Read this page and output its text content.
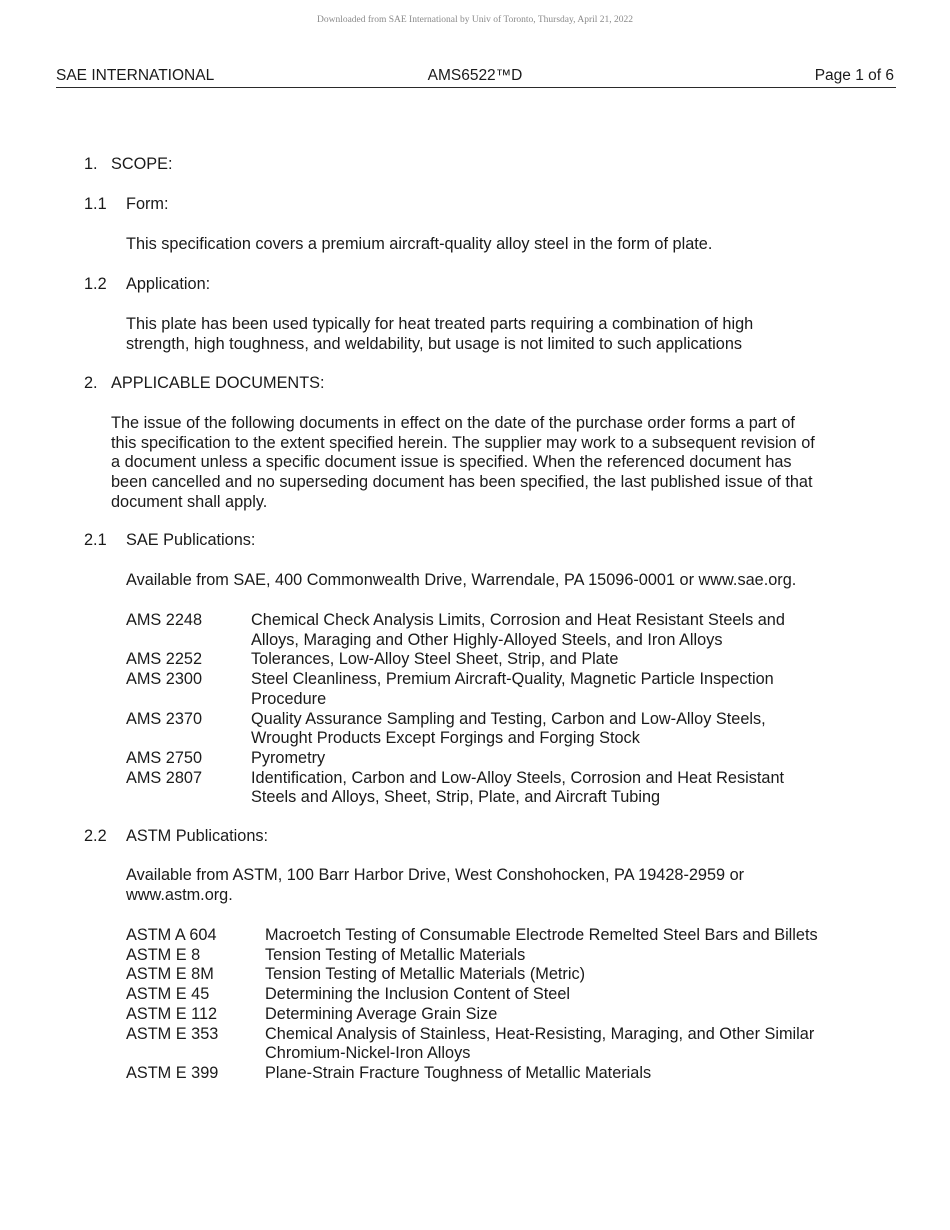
Downloaded from SAE International by Univ of Toronto, Thursday, April 21, 2022
SAE INTERNATIONAL	AMS6522™D	Page 1 of 6
1. SCOPE:
1.1 Form:
This specification covers a premium aircraft-quality alloy steel in the form of plate.
1.2 Application:
This plate has been used typically for heat treated parts requiring a combination of high
strength, high toughness, and weldability, but usage is not limited to such applications
2. APPLICABLE DOCUMENTS:
The issue of the following documents in effect on the date of the purchase order forms a part of
this specification to the extent specified herein. The supplier may work to a subsequent revision of
a document unless a specific document issue is specified. When the referenced document has
been cancelled and no superseding document has been specified, the last published issue of that
document shall apply.
2.1 SAE Publications:
Available from SAE, 400 Commonwealth Drive, Warrendale, PA 15096-0001 or www.sae.org.
AMS 2248	Chemical Check Analysis Limits, Corrosion and Heat Resistant Steels and
Alloys, Maraging and Other Highly-Alloyed Steels, and Iron Alloys
AMS 2252	Tolerances, Low-Alloy Steel Sheet, Strip, and Plate
AMS 2300	Steel Cleanliness, Premium Aircraft-Quality, Magnetic Particle Inspection
Procedure
AMS 2370	Quality Assurance Sampling and Testing, Carbon and Low-Alloy Steels,
Wrought Products Except Forgings and Forging Stock
AMS 2750	Pyrometry
AMS 2807	Identification, Carbon and Low-Alloy Steels, Corrosion and Heat Resistant
Steels and Alloys, Sheet, Strip, Plate, and Aircraft Tubing
2.2 ASTM Publications:
Available from ASTM, 100 Barr Harbor Drive, West Conshohocken, PA 19428-2959 or
www.astm.org.
ASTM A 604	Macroetch Testing of Consumable Electrode Remelted Steel Bars and Billets
ASTM E 8	Tension Testing of Metallic Materials
ASTM E 8M	Tension Testing of Metallic Materials (Metric)
ASTM E 45	Determining the Inclusion Content of Steel
ASTM E 112	Determining Average Grain Size
ASTM E 353	Chemical Analysis of Stainless, Heat-Resisting, Maraging, and Other Similar
Chromium-Nickel-Iron Alloys
ASTM E 399	Plane-Strain Fracture Toughness of Metallic Materials
